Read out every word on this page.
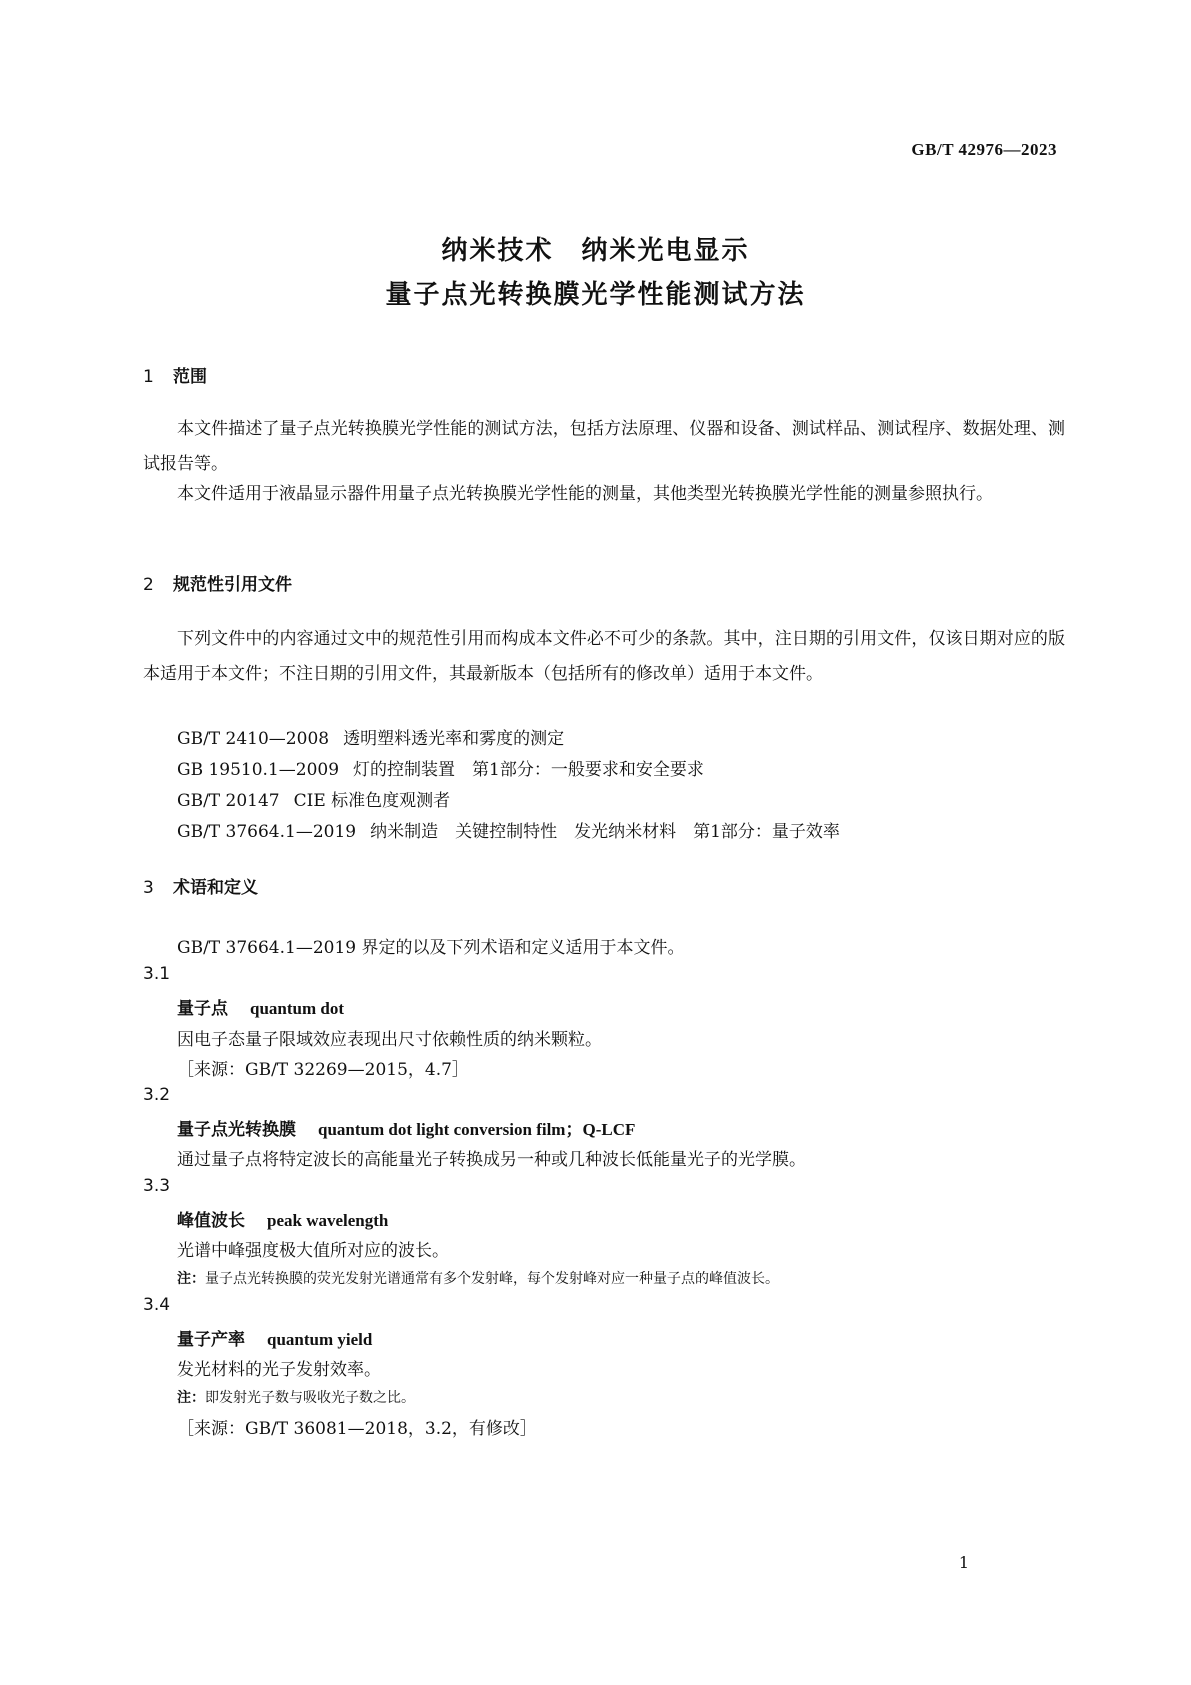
GB/T 42976—2023

纳米技术　纳米光电显示

量子点光转换膜光学性能测试方法

1 范围

本文件描述了量子点光转换膜光学性能的测试方法，包括方法原理、仪器和设备、测试样品、测试程序、数据处理、测试报告等。

本文件适用于液晶显示器件用量子点光转换膜光学性能的测量，其他类型光转换膜光学性能的测量参照执行。

2 规范性引用文件

下列文件中的内容通过文中的规范性引用而构成本文件必不可少的条款。其中，注日期的引用文件，仅该日期对应的版本适用于本文件；不注日期的引用文件，其最新版本（包括所有的修改单）适用于本文件。

GB/T 2410—2008 透明塑料透光率和雾度的测定

GB 19510.1—2009 灯的控制装置　第1部分：一般要求和安全要求

GB/T 20147 CIE 标准色度观测者

GB/T 37664.1—2019 纳米制造　关键控制特性　发光纳米材料　第1部分：量子效率

3 术语和定义

GB/T 37664.1—2019 界定的以及下列术语和定义适用于本文件。

3.1

量子点 quantum dot

因电子态量子限域效应表现出尺寸依赖性质的纳米颗粒。

［来源：GB/T 32269—2015，4.7］

3.2

量子点光转换膜 quantum dot light conversion film；Q-LCF

通过量子点将特定波长的高能量光子转换成另一种或几种波长低能量光子的光学膜。

3.3

峰值波长 peak wavelength

光谱中峰强度极大值所对应的波长。

注：量子点光转换膜的荧光发射光谱通常有多个发射峰，每个发射峰对应一种量子点的峰值波长。

3.4

量子产率 quantum yield

发光材料的光子发射效率。

注：即发射光子数与吸收光子数之比。

［来源：GB/T 36081—2018，3.2，有修改］

1
